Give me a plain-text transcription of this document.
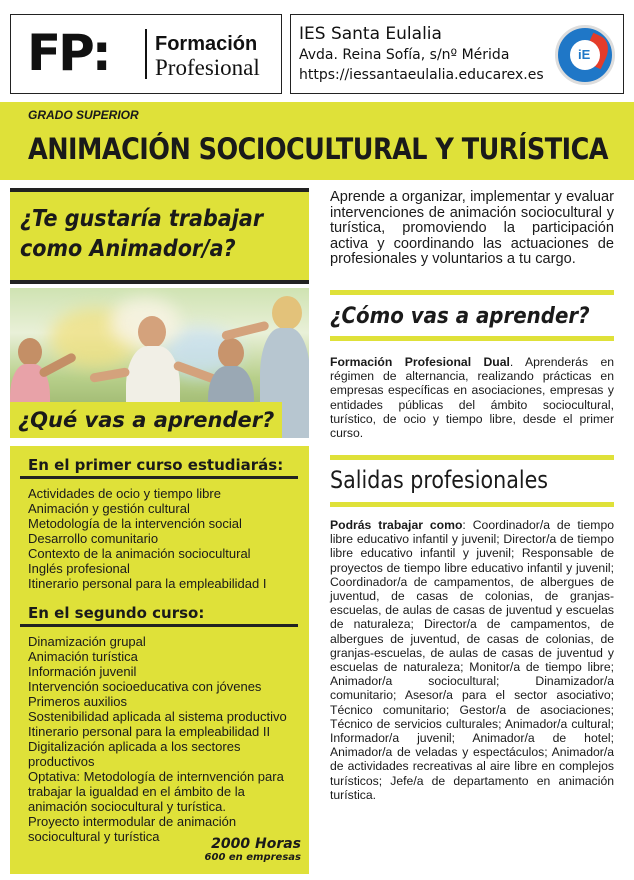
FP: Formación
Profesional
IES Santa Eulalia
Avda. Reina Sofía, s/nº Mérida
https://iessantaeulalia.educarex.es
iE
GRADO SUPERIOR
ANIMACIÓN SOCIOCULTURAL Y TURÍSTICA
¿Te gustaría trabajar
como Animador/a?
¿Qué vas a aprender?
En el primer curso estudiarás:
Actividades de ocio y tiempo libre
Animación y gestión cultural
Metodología de la intervención social
Desarrollo comunitario
Contexto de la animación sociocultural
Inglés profesional
Itinerario personal para la empleabilidad I
En el segundo curso:
Dinamización grupal
Animación turística
Información juvenil
Intervención socioeducativa con jóvenes
Primeros auxilios
Sostenibilidad aplicada al sistema productivo
Itinerario personal para la empleabilidad II
Digitalización aplicada a los sectores productivos
Optativa: Metodología de internvención para trabajar la igualdad en el ámbito de la animación sociocultural y turística.
Proyecto intermodular de animación sociocultural y turística	2000 Horas
600 en empresas
Aprende a organizar, implementar y evaluar intervenciones de animación sociocultural y turística, promoviendo la participación activa y coordinando las actuaciones de profesionales y voluntarios a tu cargo.
¿Cómo vas a aprender?
Formación Profesional Dual. Aprenderás en régimen de alternancia, realizando prácticas en empresas específicas en asociaciones, empresas y entidades públicas del ámbito sociocultural, turístico, de ocio y tiempo libre, desde el primer curso.
Salidas profesionales
Podrás trabajar como: Coordinador/a de tiempo libre educativo infantil y juvenil; Director/a de tiempo libre educativo infantil y juvenil; Responsable de proyectos de tiempo libre educativo infantil y juvenil; Coordinador/a de campamentos, de albergues de juventud, de casas de colonias, de granjas-escuelas, de aulas de casas de juventud y escuelas de naturaleza; Director/a de campamentos, de albergues de juventud, de casas de colonias, de granjas-escuelas, de aulas de casas de juventud y escuelas de naturaleza; Monitor/a de tiempo libre; Animador/a sociocultural; Dinamizador/a comunitario; Asesor/a para el sector asociativo; Técnico comunitario; Gestor/a de asociaciones; Técnico de servicios culturales; Animador/a cultural; Informador/a juvenil; Animador/a de hotel; Animador/a de veladas y espectáculos; Animador/a de actividades recreativas al aire libre en complejos turísticos; Jefe/a de departamento en animación turística.
